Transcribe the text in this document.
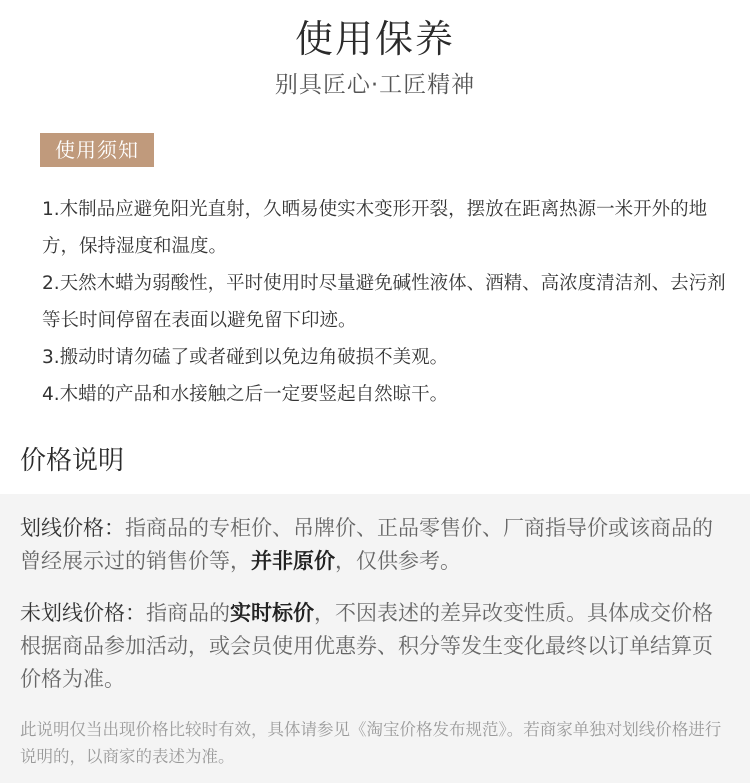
使用保养
别具匠心·工匠精神
使用须知

1.木制品应避免阳光直射，久晒易使实木变形开裂，摆放在距离热源一米开外的地方，保持湿度和温度。

2.天然木蜡为弱酸性，平时使用时尽量避免碱性液体、酒精、高浓度清洁剂、去污剂等长时间停留在表面以避免留下印迹。

3.搬动时请勿磕了或者碰到以免边角破损不美观。

4.木蜡的产品和水接触之后一定要竖起自然晾干。

价格说明
划线价格：指商品的专柜价、吊牌价、正品零售价、厂商指导价或该商品的曾经展示过的销售价等，并非原价，仅供参考。
未划线价格：指商品的实时标价，不因表述的差异改变性质。具体成交价格根据商品参加活动，或会员使用优惠券、积分等发生变化最终以订单结算页价格为准。
此说明仅当出现价格比较时有效，具体请参见《淘宝价格发布规范》。若商家单独对划线价格进行说明的，以商家的表述为准。
